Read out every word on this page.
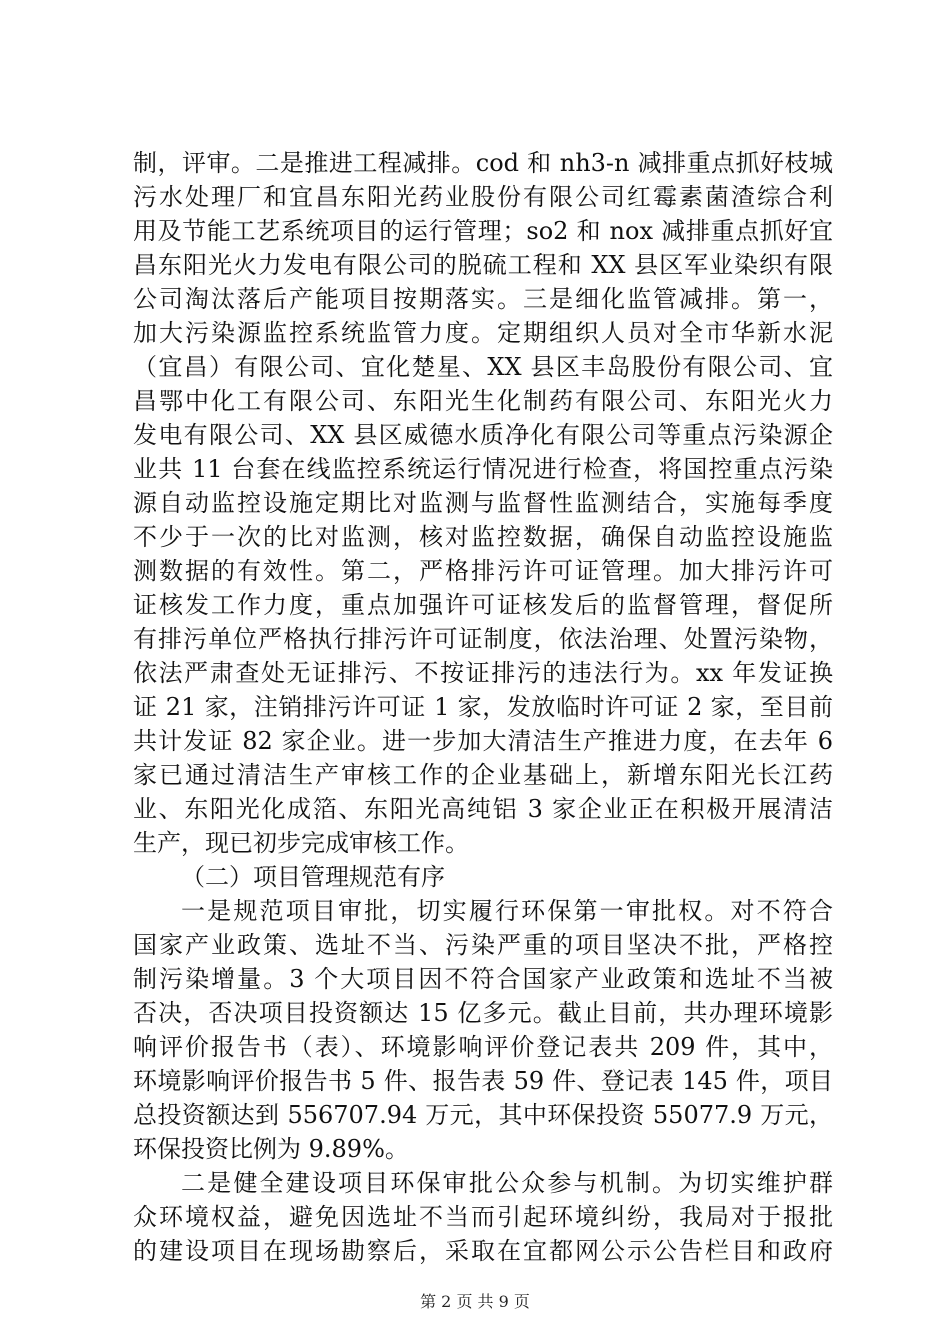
制，评审。二是推进工程减排。cod 和 nh3-n 减排重点抓好枝城
污水处理厂和宜昌东阳光药业股份有限公司红霉素菌渣综合利
用及节能工艺系统项目的运行管理；so2 和 nox 减排重点抓好宜
昌东阳光火力发电有限公司的脱硫工程和 XX 县区军业染织有限
公司淘汰落后产能项目按期落实。三是细化监管减排。第一，
加大污染源监控系统监管力度。定期组织人员对全市华新水泥
（宜昌）有限公司、宜化楚星、XX 县区丰岛股份有限公司、宜
昌鄂中化工有限公司、东阳光生化制药有限公司、东阳光火力
发电有限公司、XX 县区威德水质净化有限公司等重点污染源企
业共 11 台套在线监控系统运行情况进行检查，将国控重点污染
源自动监控设施定期比对监测与监督性监测结合，实施每季度
不少于一次的比对监测，核对监控数据，确保自动监控设施监
测数据的有效性。第二，严格排污许可证管理。加大排污许可
证核发工作力度，重点加强许可证核发后的监督管理，督促所
有排污单位严格执行排污许可证制度，依法治理、处置污染物，
依法严肃查处无证排污、不按证排污的违法行为。xx 年发证换
证 21 家，注销排污许可证 1 家，发放临时许可证 2 家，至目前
共计发证 82 家企业。进一步加大清洁生产推进力度，在去年 6
家已通过清洁生产审核工作的企业基础上，新增东阳光长江药
业、东阳光化成箔、东阳光高纯铝 3 家企业正在积极开展清洁
生产，现已初步完成审核工作。
（二）项目管理规范有序
一是规范项目审批，切实履行环保第一审批权。对不符合
国家产业政策、选址不当、污染严重的项目坚决不批，严格控
制污染增量。3 个大项目因不符合国家产业政策和选址不当被
否决，否决项目投资额达 15 亿多元。截止目前，共办理环境影
响评价报告书（表）、环境影响评价登记表共 209 件，其中，
环境影响评价报告书 5 件、报告表 59 件、登记表 145 件，项目
总投资额达到 556707.94 万元，其中环保投资 55077.9 万元，
环保投资比例为 9.89%。
二是健全建设项目环保审批公众参与机制。为切实维护群
众环境权益，避免因选址不当而引起环境纠纷，我局对于报批
的建设项目在现场勘察后，采取在宜都网公示公告栏目和政府
第 2 页 共 9 页
